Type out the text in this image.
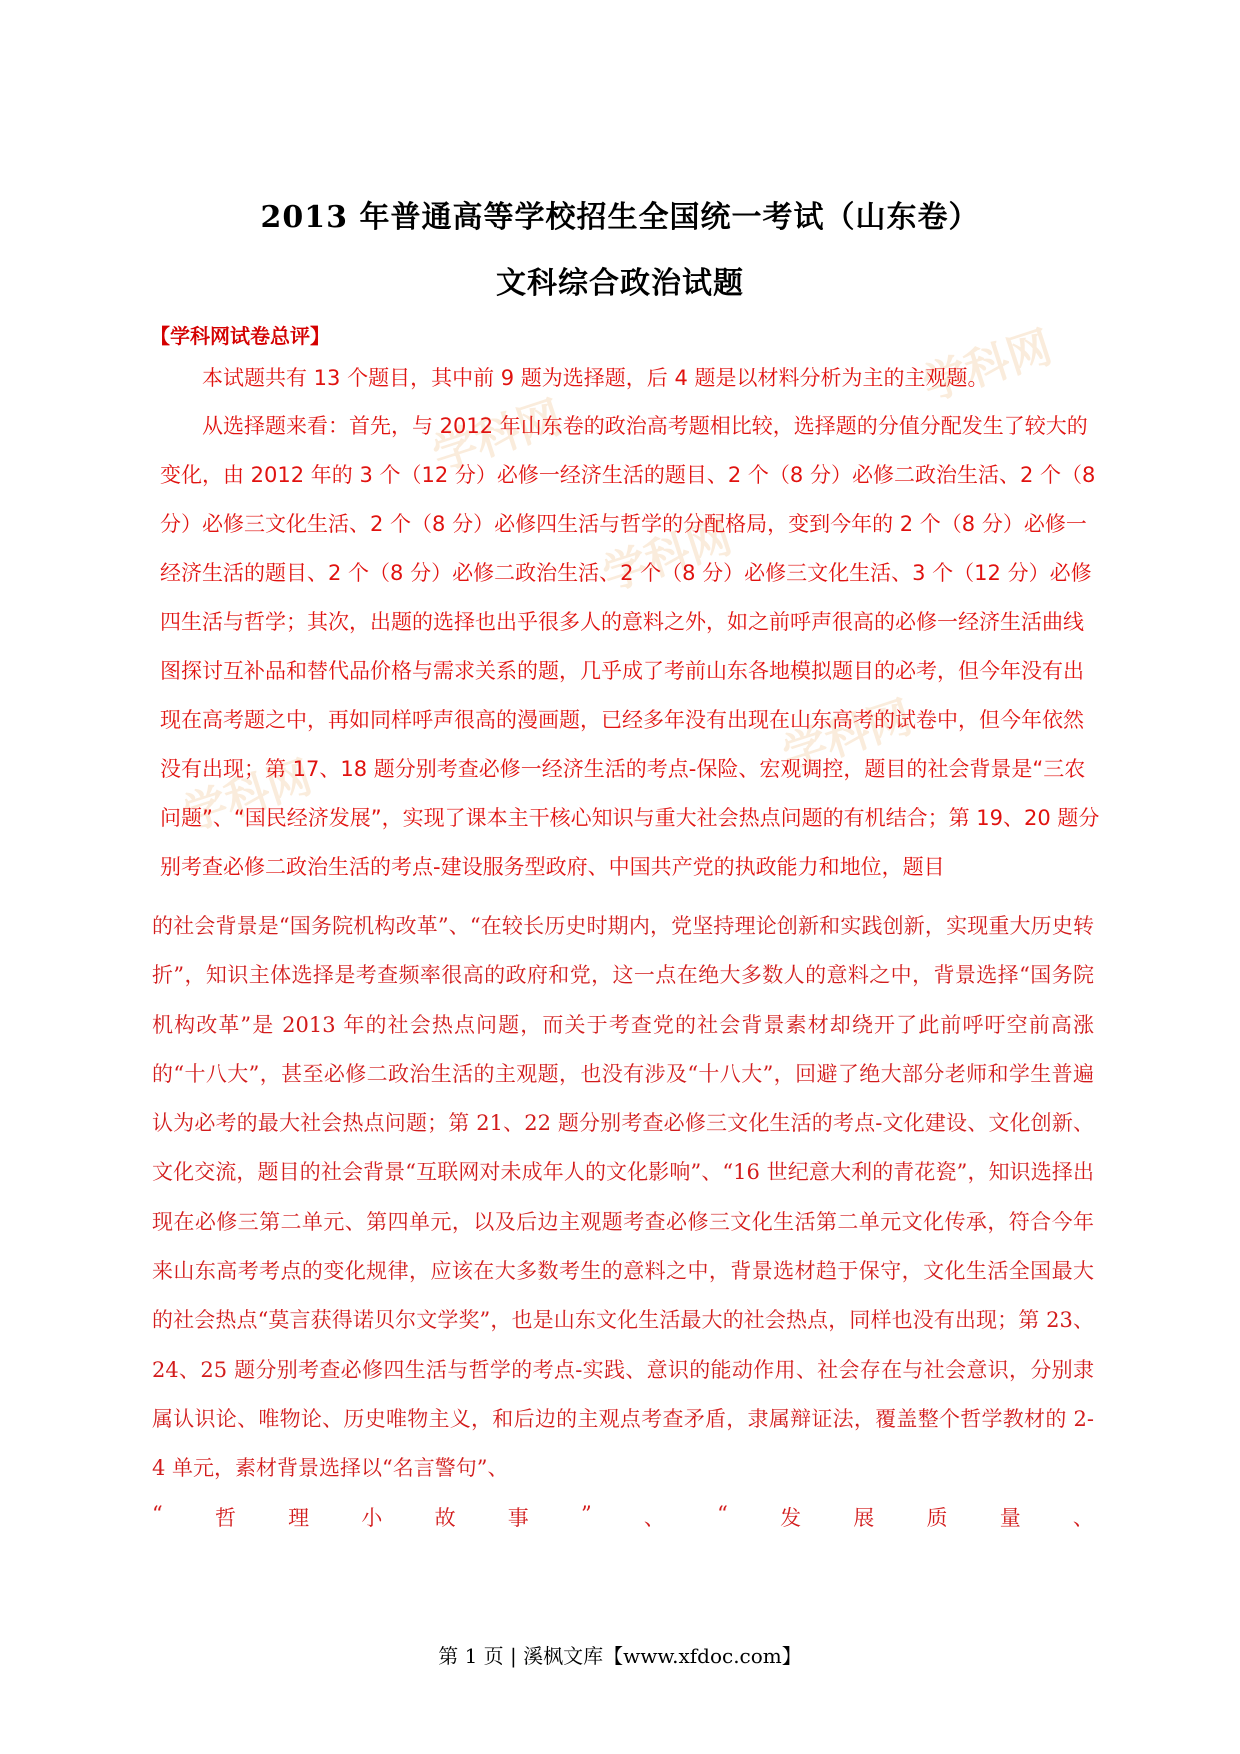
2013 年普通高等学校招生全国统一考试（山东卷）
文科综合政治试题
【学科网试卷总评】
学科网
学科网
学科网
学科网
学科网

本试题共有 13 个题目，其中前 9 题为选择题，后 4 题是以材料分析为主的主观题。

从选择题来看：首先，与 2012 年山东卷的政治高考题相比较，选择题的分值分配发生了较大的变化，由 2012 年的 3 个（12 分）必修一经济生活的题目、2 个（8 分）必修二政治生活、2 个（8 分）必修三文化生活、2 个（8 分）必修四生活与哲学的分配格局，变到今年的 2 个（8 分）必修一经济生活的题目、2 个（8 分）必修二政治生活、2 个（8 分）必修三文化生活、3 个（12 分）必修四生活与哲学；其次，出题的选择也出乎很多人的意料之外，如之前呼声很高的必修一经济生活曲线图探讨互补品和替代品价格与需求关系的题，几乎成了考前山东各地模拟题目的必考，但今年没有出现在高考题之中，再如同样呼声很高的漫画题，已经多年没有出现在山东高考的试卷中，但今年依然没有出现；第 17、18 题分别考查必修一经济生活的考点-保险、宏观调控，题目的社会背景是“三农问题”、“国民经济发展”，实现了课本主干核心知识与重大社会热点问题的有机结合；第 19、20 题分别考查必修二政治生活的考点-建设服务型政府、中国共产党的执政能力和地位，题目

的社会背景是“国务院机构改革”、“在较长历史时期内，党坚持理论创新和实践创新，实现重大历史转折”，知识主体选择是考查频率很高的政府和党，这一点在绝大多数人的意料之中，背景选择“国务院机构改革”是 2013 年的社会热点问题，而关于考查党的社会背景素材却绕开了此前呼吁空前高涨的“十八大”，甚至必修二政治生活的主观题，也没有涉及“十八大”，回避了绝大部分老师和学生普遍认为必考的最大社会热点问题；第 21、22 题分别考查必修三文化生活的考点-文化建设、文化创新、文化交流，题目的社会背景“互联网对未成年人的文化影响”、“16 世纪意大利的青花瓷”，知识选择出现在必修三第二单元、第四单元，以及后边主观题考查必修三文化生活第二单元文化传承，符合今年来山东高考考点的变化规律，应该在大多数考生的意料之中，背景选材趋于保守，文化生活全国最大的社会热点“莫言获得诺贝尔文学奖”，也是山东文化生活最大的社会热点，同样也没有出现；第 23、24、25 题分别考查必修四生活与哲学的考点-实践、意识的能动作用、社会存在与社会意识，分别隶属认识论、唯物论、历史唯物主义，和后边的主观点考查矛盾，隶属辩证法，覆盖整个哲学教材的 2-4 单元，素材背景选择以“名言警句”、

“ 哲 理 小 故 事 ” 、 “ 发 展 质 量 、
第 1 页 | 溪枫文库【www.xfdoc.com】
